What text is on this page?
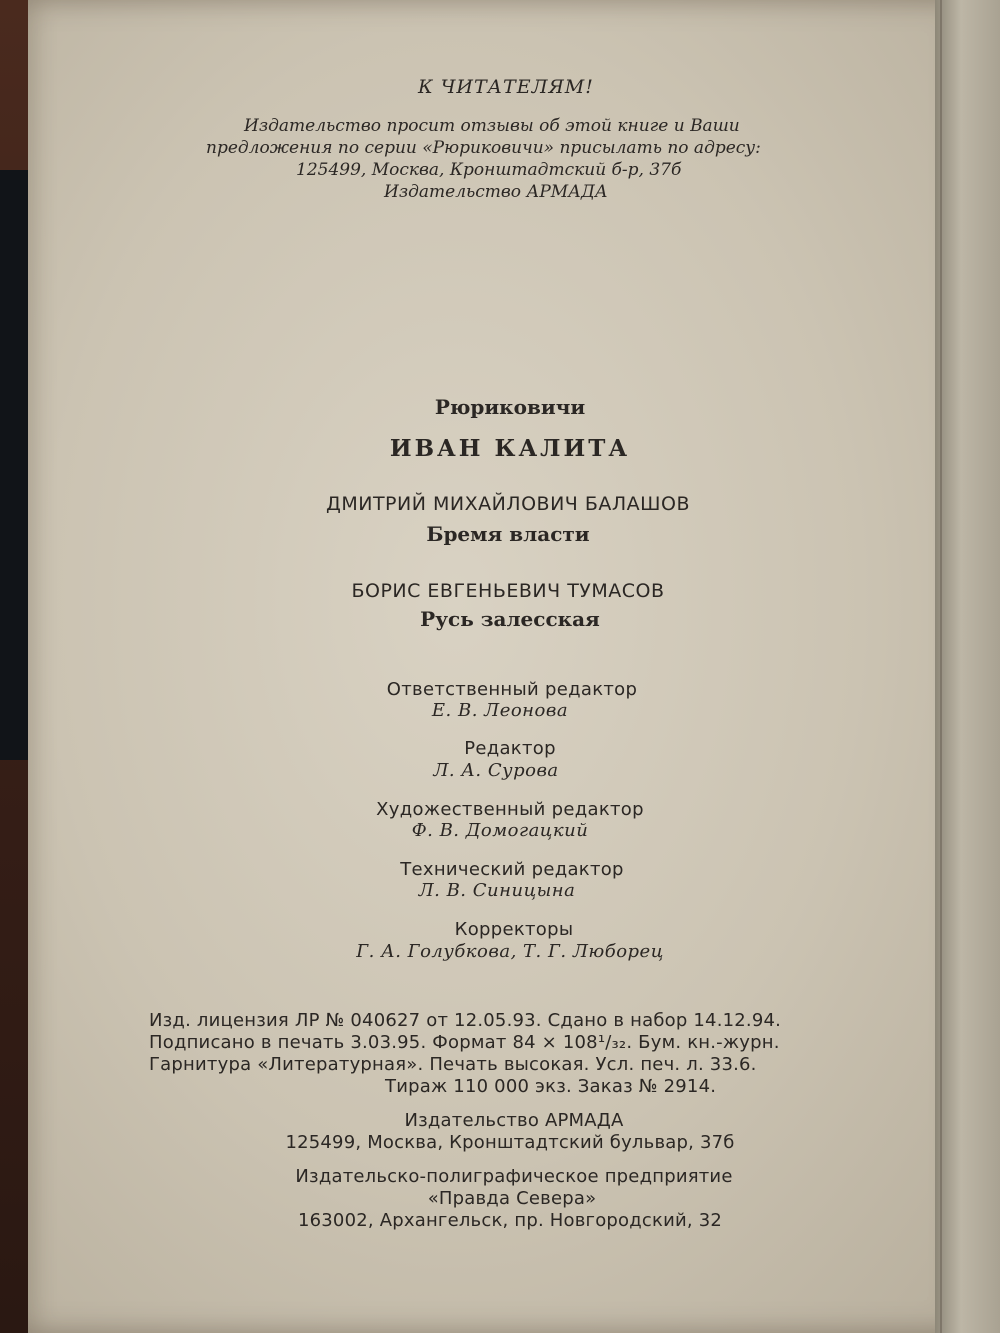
К ЧИТАТЕЛЯМ!
Издательство просит отзывы об этой книге и Ваши
предложения по серии «Рюриковичи» присылать по адресу:
125499, Москва, Кронштадтский б-р, 37б
Издательство АРМАДА
Рюриковичи
ИВАН КАЛИТА
ДМИТРИЙ МИХАЙЛОВИЧ БАЛАШОВ
Бремя власти
БОРИС ЕВГЕНЬЕВИЧ ТУМАСОВ
Русь залесская
Ответственный редактор
Е. В. Леонова
Редактор
Л. А. Сурова
Художественный редактор
Ф. В. Домогацкий
Технический редактор
Л. В. Синицына
Корректоры
Г. А. Голубкова, Т. Г. Люборец
Изд. лицензия ЛР № 040627 от 12.05.93. Сдано в набор 14.12.94.
Подписано в печать 3.03.95. Формат 84 × 108¹/₃₂. Бум. кн.-журн.
Гарнитура «Литературная». Печать высокая. Усл. печ. л. 33.6.
Тираж 110 000 экз. Заказ № 2914.
Издательство АРМАДА
125499, Москва, Кронштадтский бульвар, 37б
Издательско-полиграфическое предприятие
«Правда Севера»
163002, Архангельск, пр. Новгородский, 32
